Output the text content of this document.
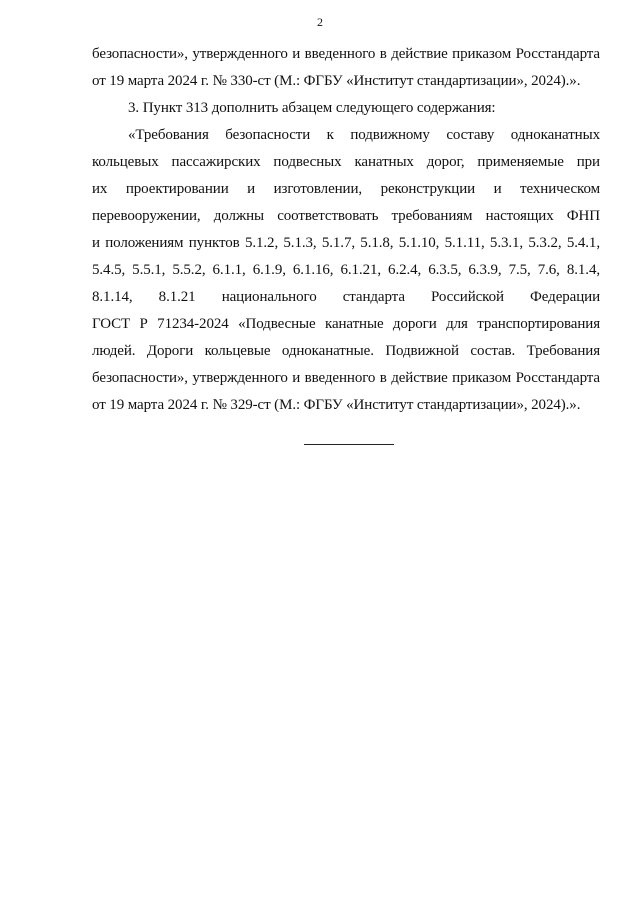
2
безопасности», утвержденного и введенного в действие приказом Росстандарта
от 19 марта 2024 г. № 330-ст (М.: ФГБУ «Институт стандартизации», 2024).».
3. Пункт 313 дополнить абзацем следующего содержания:
«Требования безопасности к подвижному составу одноканатных
кольцевых пассажирских подвесных канатных дорог, применяемые при
их проектировании и изготовлении, реконструкции и техническом
перевооружении, должны соответствовать требованиям настоящих ФНП
и положениям пунктов 5.1.2, 5.1.3, 5.1.7, 5.1.8, 5.1.10, 5.1.11, 5.3.1, 5.3.2, 5.4.1,
5.4.5, 5.5.1, 5.5.2, 6.1.1, 6.1.9, 6.1.16, 6.1.21, 6.2.4, 6.3.5, 6.3.9, 7.5, 7.6, 8.1.4,
8.1.14, 8.1.21 национального стандарта Российской Федерации
ГОСТ Р 71234-2024 «Подвесные канатные дороги для транспортирования
людей. Дороги кольцевые одноканатные. Подвижной состав. Требования
безопасности», утвержденного и введенного в действие приказом Росстандарта
от 19 марта 2024 г. № 329-ст (М.: ФГБУ «Институт стандартизации», 2024).».
